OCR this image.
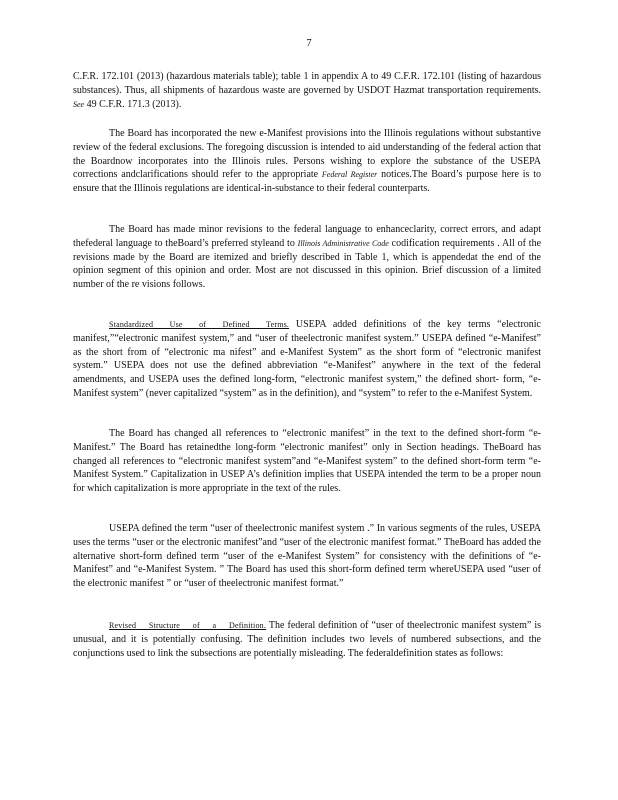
7

C.F.R. 172.101 (2013) (hazardous materials table); table 1 in appendix A to 49 C.F.R. 172.101 (listing of hazardous substances). Thus, all shipments of hazardous waste are governed by USDOT Hazmat transportation requirements. See 49 C.F.R. 171.3 (2013).

The Board has incorporated the new e-Manifest provisions into the Illinois regulations without substantive review of the federal exclusions. The foregoing discussion is intended to aid understanding of the federal action that the Boardnow incorporates into the Illinois rules. Persons wishing to explore the substance of the USEPA corrections andclarifications should refer to the appropriate Federal Register notices.The Board’s purpose here is to ensure that the Illinois regulations are identical-in-substance to their federal counterparts.

The Board has made minor revisions to the federal language to enhanceclarity, correct errors, and adapt thefederal language to theBoard’s preferred styleand to Illinois Administrative Code codification requirements . All of the revisions made by the Board are itemized and briefly described in Table 1, which is appendedat the end of the opinion segment of this opinion and order. Most are not discussed in this opinion. Brief discussion of a limited number of the re visions follows.

Standardized Use of Defined Terms. USEPA added definitions of the key terms “electronic manifest,”“electronic manifest system,” and “user of theelectronic manifest system.” USEPA defined “e-Manifest” as the short from of “electronic ma nifest” and e-Manifest System” as the short form of “electronic manifest system.” USEPA does not use the defined abbreviation “e-Manifest” anywhere in the text of the federal amendments, and USEPA uses the defined long-form, “electronic manifest system,” the defined short- form, “e-Manifest system” (never capitalized “system” as in the definition), and “system” to refer to the e-Manifest System.

The Board has changed all references to “electronic manifest” in the text to the defined short-form “e-Manifest.” The Board has retainedthe long-form “electronic manifest” only in Section headings. TheBoard has changed all references to “electronic manifest system”and “e-Manifest system” to the defined short-form term “e-Manifest System.” Capitalization in USEP A’s definition implies that USEPA intended the term to be a proper noun for which capitalization is more appropriate in the text of the rules.

USEPA defined the term “user of theelectronic manifest system .” In various segments of the rules, USEPA uses the terms “user or the electronic manifest”and “user of the electronic manifest format.” TheBoard has added the alternative short-form defined term “user of the e-Manifest System” for consistency with the definitions of “e-Manifest” and “e-Manifest System. ” The Board has used this short-form defined term whereUSEPA used “user of the electronic manifest ” or “user of theelectronic manifest format.”

Revised Structure of a Definition. The federal definition of “user of theelectronic manifest system” is unusual, and it is potentially confusing. The definition includes two levels of numbered subsections, and the conjunctions used to link the subsections are potentially misleading. The federaldefinition states as follows:
